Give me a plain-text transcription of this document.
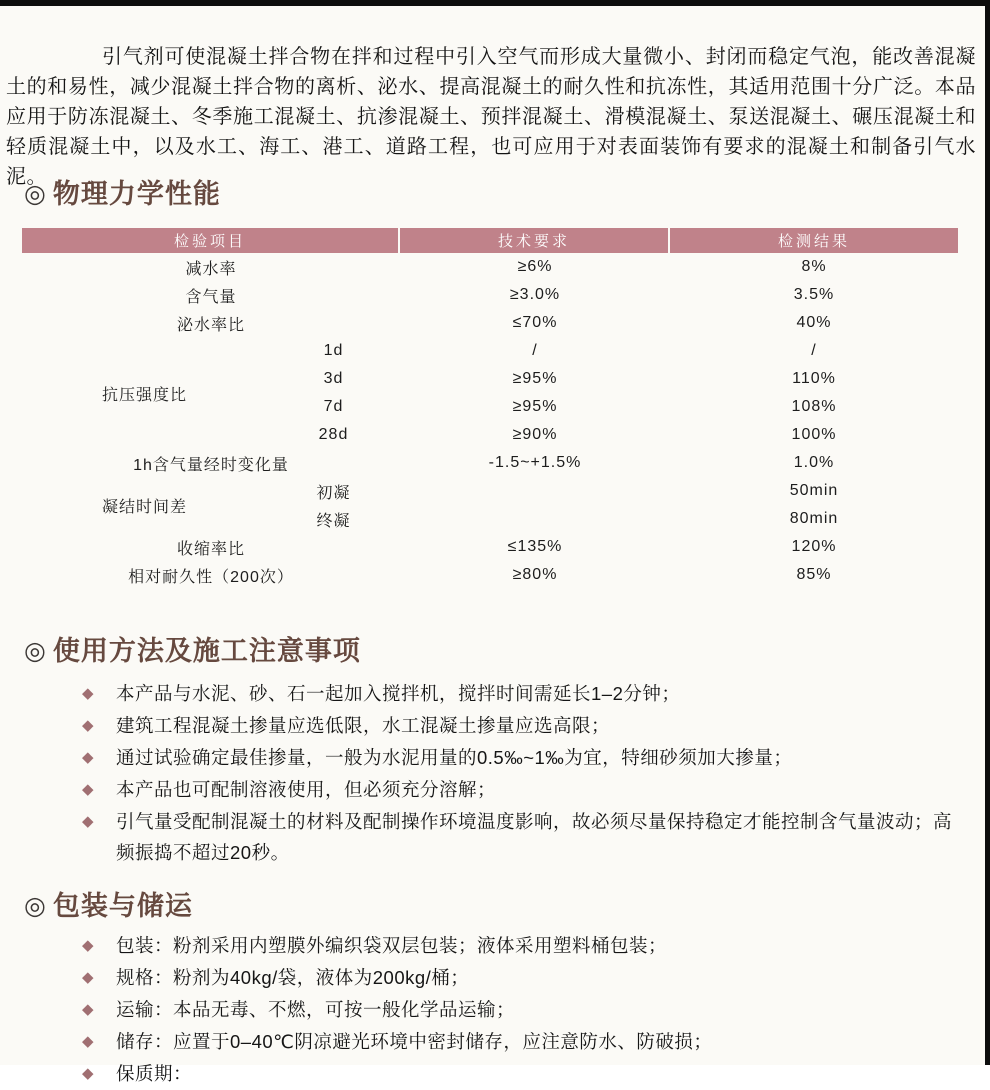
引气剂可使混凝土拌合物在拌和过程中引入空气而形成大量微小、封闭而稳定气泡，能改善混凝土的和易性，减少混凝土拌合物的离析、泌水、提高混凝土的耐久性和抗冻性，其适用范围十分广泛。本品应用于防冻混凝土、冬季施工混凝土、抗渗混凝土、预拌混凝土、滑模混凝土、泵送混凝土、碾压混凝土和轻质混凝土中，以及水工、海工、港工、道路工程，也可应用于对表面装饰有要求的混凝土和制备引气水泥。

◎ 物理力学性能
检验项目		技术要求	检测结果
减水率		≥6%	8%
含气量		≥3.0%	3.5%
泌水率比		≤70%	40%
抗压强度比	1d	/	/
	3d	≥95%	110%
	7d	≥95%	108%
	28d	≥90%	100%
1h含气量经时变化量		-1.5~+1.5%	1.0%
凝结时间差	初凝		50min
	终凝		80min
收缩率比		≤135%	120%
相对耐久性（200次）		≥80%	85%
◎ 使用方法及施工注意事项
◆ 本产品与水泥、砂、石一起加入搅拌机，搅拌时间需延长1–2分钟；
◆ 建筑工程混凝土掺量应选低限，水工混凝土掺量应选高限；
◆ 通过试验确定最佳掺量，一般为水泥用量的0.5‰~1‰为宜，特细砂须加大掺量；
◆ 本产品也可配制溶液使用，但必须充分溶解；
◆ 引气量受配制混凝土的材料及配制操作环境温度影响，故必须尽量保持稳定才能控制含气量波动；高频振捣不超过20秒。
◎ 包装与储运
◆ 包装：粉剂采用内塑膜外编织袋双层包装；液体采用塑料桶包装；
◆ 规格：粉剂为40kg/袋，液体为200kg/桶；
◆ 运输：本品无毒、不燃，可按一般化学品运输；
◆ 储存：应置于0–40℃阴凉避光环境中密封储存，应注意防水、防破损；
◆ 保质期：
